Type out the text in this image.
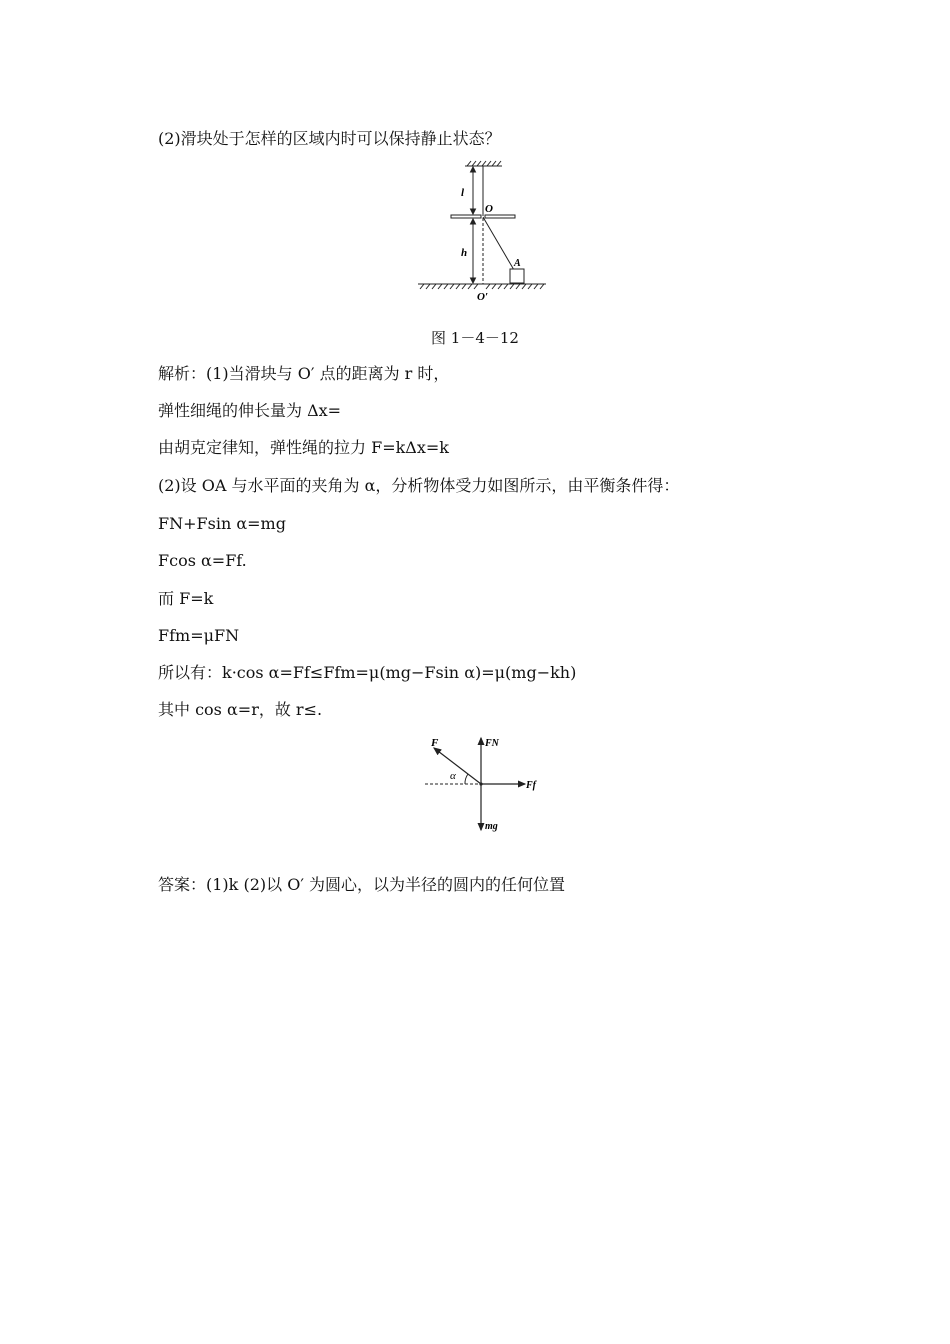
(2)滑块处于怎样的区域内时可以保持静止状态？
l
h
O
A
O′
图 1－4－12
解析：(1)当滑块与 O′ 点的距离为 r 时，
弹性细绳的伸长量为 Δx=
由胡克定律知，弹性绳的拉力 F=kΔx=k
(2)设 OA 与水平面的夹角为 α，分析物体受力如图所示，由平衡条件得：
FN+Fsin α=mg
Fcos α=Ff.
而 F=k
Ffm=μFN
所以有：k·cos α=Ff≤Ffm=μ(mg−Fsin α)=μ(mg−kh)
其中 cos α=r，故 r≤.
F	FN
α
Ff
mg
答案：(1)k (2)以 O′ 为圆心，以为半径的圆内的任何位置
